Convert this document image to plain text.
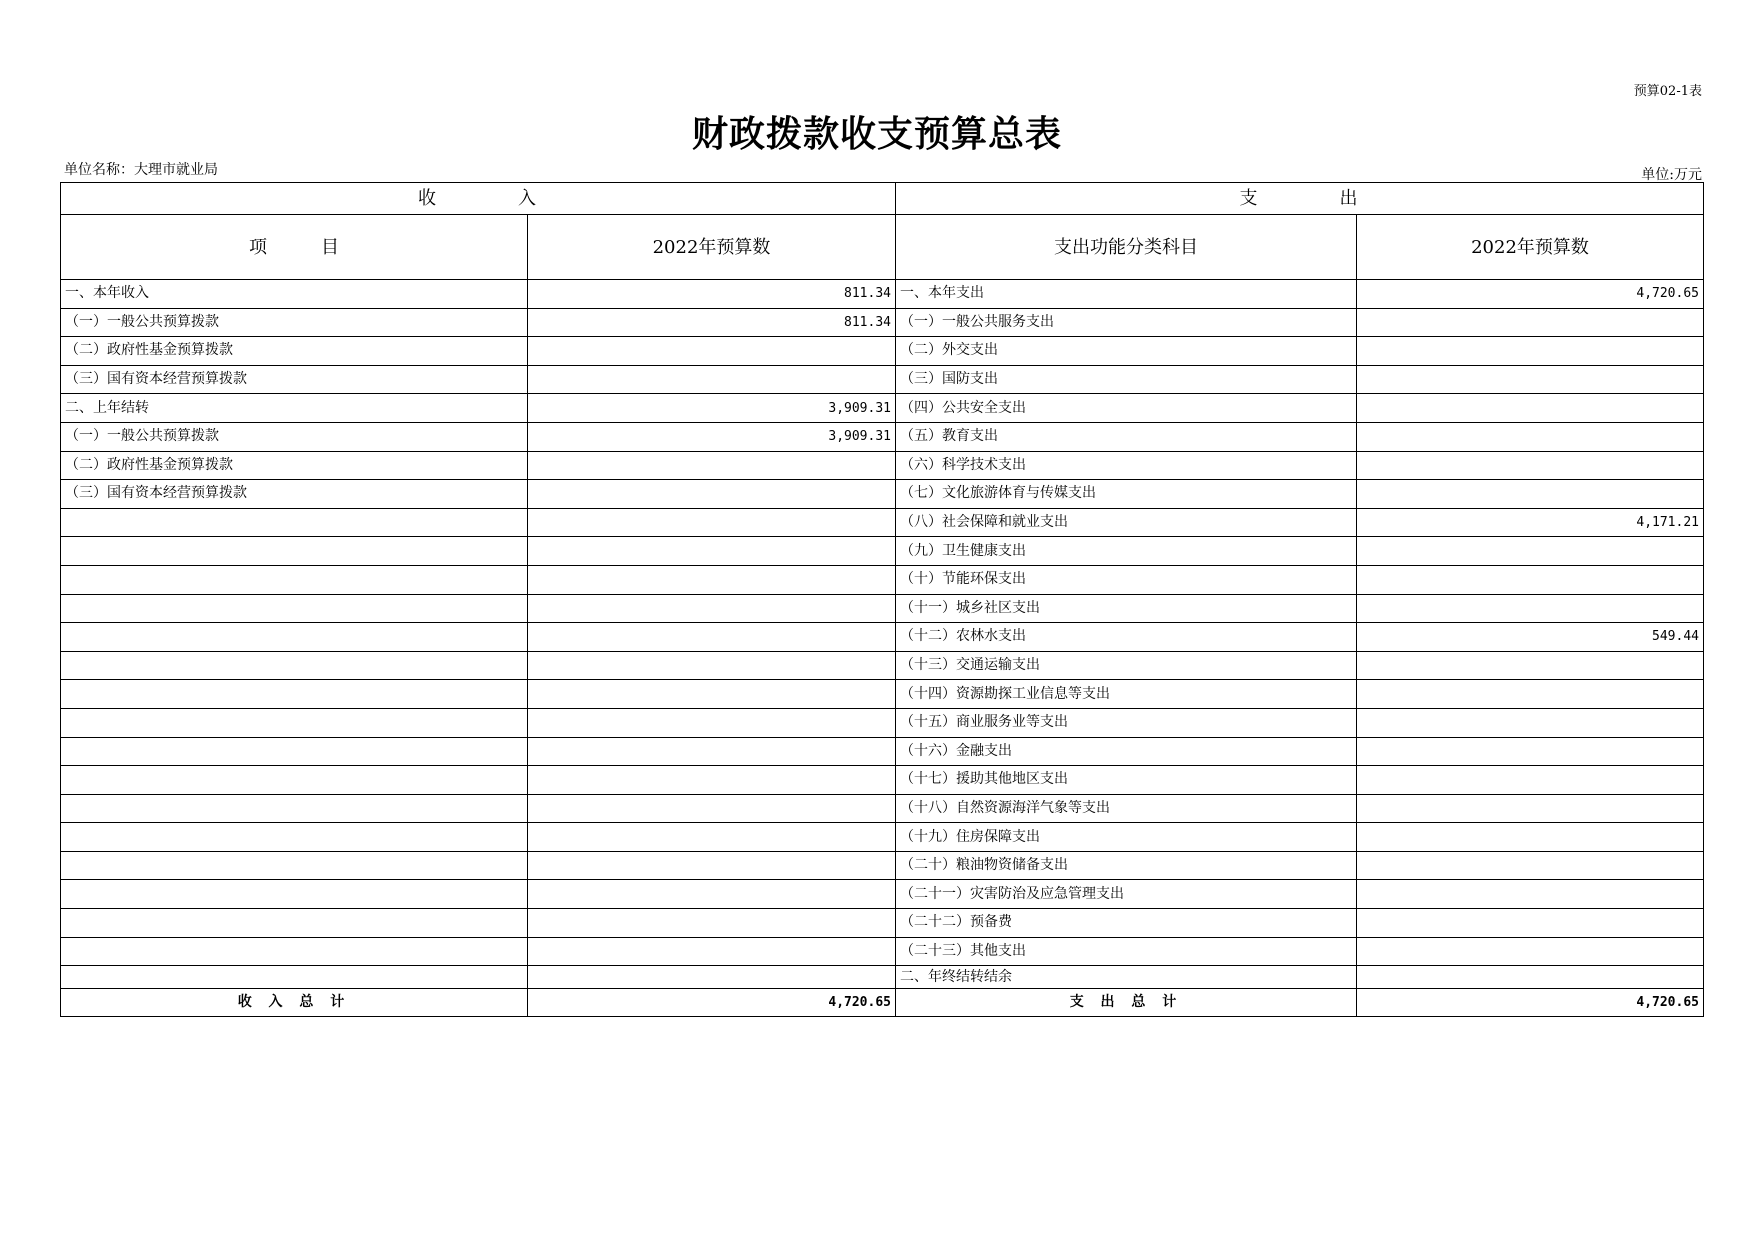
预算02-1表
财政拨款收支预算总表
单位名称：大理市就业局	单位:万元
收　　　　入		支　　　　出	
项　　　目	2022年预算数	支出功能分类科目	2022年预算数
一、本年收入	811.34	一、本年支出	4,720.65
（一）一般公共预算拨款	811.34	（一）一般公共服务支出	
（二）政府性基金预算拨款		（二）外交支出	
（三）国有资本经营预算拨款		（三）国防支出	
二、上年结转	3,909.31	（四）公共安全支出	
（一）一般公共预算拨款	3,909.31	（五）教育支出	
（二）政府性基金预算拨款		（六）科学技术支出	
（三）国有资本经营预算拨款		（七）文化旅游体育与传媒支出	
		（八）社会保障和就业支出	4,171.21
		（九）卫生健康支出	
		（十）节能环保支出	
		（十一）城乡社区支出	
		（十二）农林水支出	549.44
		（十三）交通运输支出	
		（十四）资源勘探工业信息等支出	
		（十五）商业服务业等支出	
		（十六）金融支出	
		（十七）援助其他地区支出	
		（十八）自然资源海洋气象等支出	
		（十九）住房保障支出	
		（二十）粮油物资储备支出	
		（二十一）灾害防治及应急管理支出	
		（二十二）预备费	
		（二十三）其他支出	
		二、年终结转结余	
收 入 总 计	4,720.65	支 出 总 计	4,720.65
